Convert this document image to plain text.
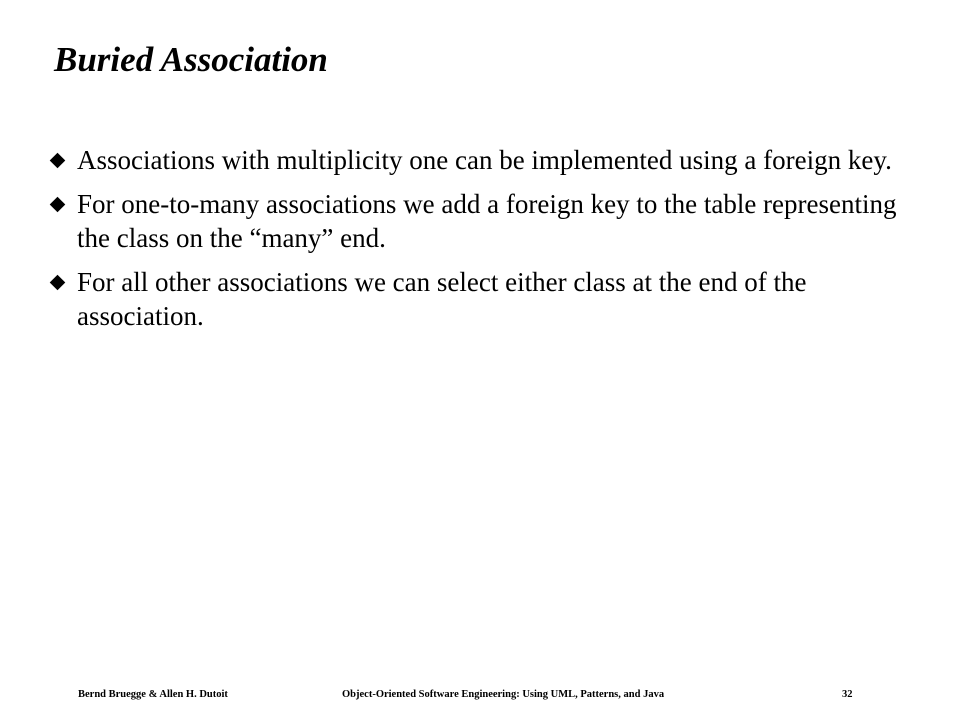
Buried Association
Associations with multiplicity one can be implemented using a foreign key.
For one-to-many associations we add a foreign key to the table representing the class on the “many” end.
For all other associations we can select either class at the end of the association.
Bernd Bruegge & Allen H. Dutoit	Object-Oriented Software Engineering: Using UML, Patterns, and Java	32
